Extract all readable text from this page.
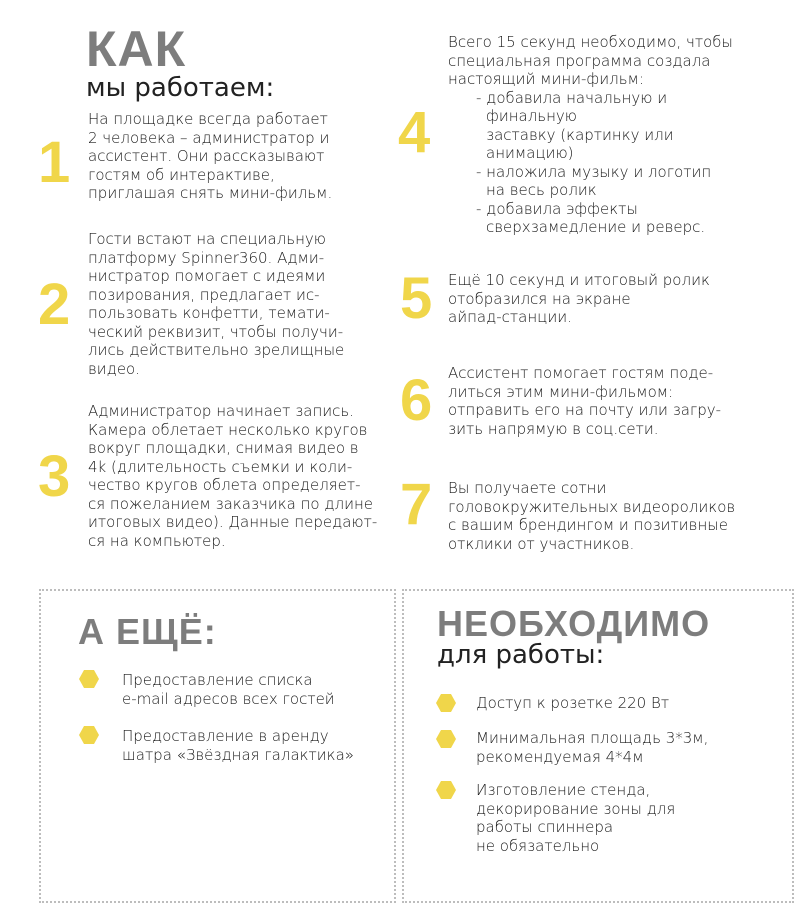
КАК
мы работаем:
1
На площадке всегда работает
2 человека – администратор и
ассистент. Они рассказывают
гостям об интерактиве,
приглашая снять мини-фильм.
2
Гости встают на специальную
платформу Spinner360. Адми-
нистратор помогает с идеями
позирования, предлагает ис-
пользовать конфетти, темати-
ческий реквизит, чтобы получи-
лись действительно зрелищные
видео.
3
Администратор начинает запись.
Камера облетает несколько кругов
вокруг площадки, снимая видео в
4k (длительность съемки и коли-
чество кругов облета определяет-
ся пожеланием заказчика по длине
итоговых видео). Данные передают-
ся на компьютер.
4
Всего 15 секунд необходимо, чтобы
специальная программа создала
настоящий мини-фильм:
- добавила начальную и
финальную
заставку (картинку или
анимацию)
- наложила музыку и логотип
на весь ролик
- добавила эффекты
сверхзамедление и реверс.
5 Ещё 10 секунд и итоговый ролик
отобразился на экране
айпад-станции.
6 Ассистент помогает гостям поде-
литься этим мини-фильмом:
отправить его на почту или загру-
зить напрямую в соц.сети.
7 Вы получаете сотни
головокружительных видеороликов
с вашим брендингом и позитивные
отклики от участников.
А ЕЩЁ:
Предоставление списка
e-mail адресов всех гостей
Предоставление в аренду
шатра «Звёздная галактика»
НЕОБХОДИМО
для работы:
Доступ к розетке 220 Вт
Минимальная площадь 3*3м,
рекомендуемая 4*4м
Изготовление стенда,
декорирование зоны для
работы спиннера
не обязательно
